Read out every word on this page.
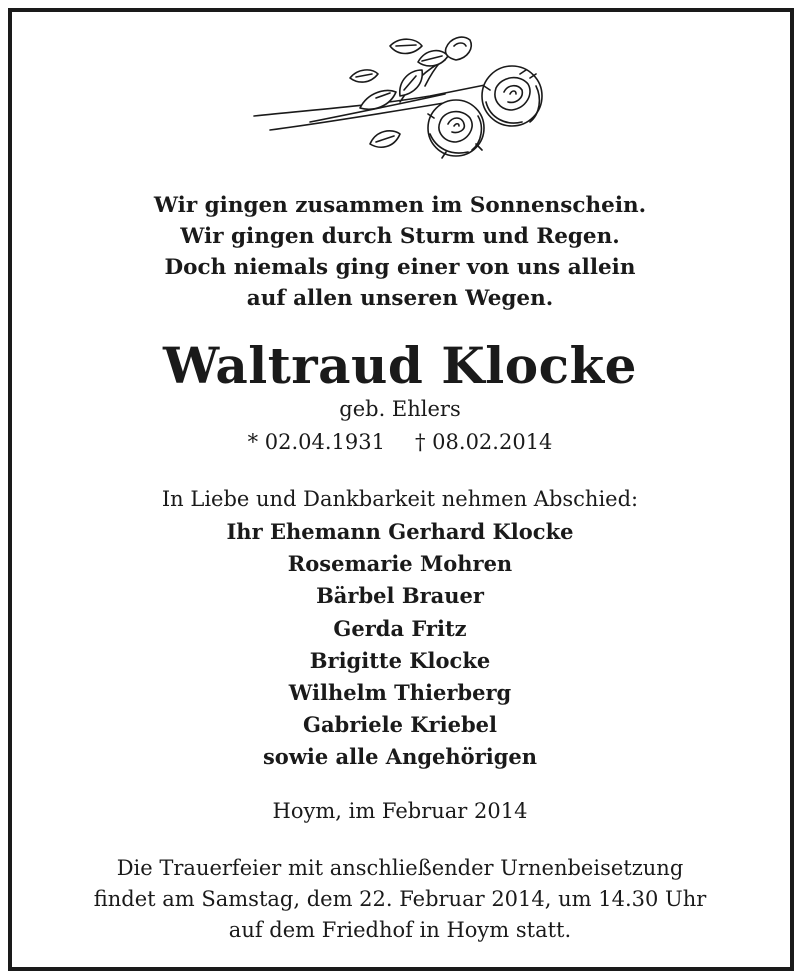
Wir gingen zusammen im Sonnenschein.
Wir gingen durch Sturm und Regen.
Doch niemals ging einer von uns allein
auf allen unseren Wegen.
Waltraud Klocke
geb. Ehlers
* 02.04.1931 † 08.02.2014
In Liebe und Dankbarkeit nehmen Abschied:
Ihr Ehemann Gerhard Klocke
Rosemarie Mohren
Bärbel Brauer
Gerda Fritz
Brigitte Klocke
Wilhelm Thierberg
Gabriele Kriebel
sowie alle Angehörigen
Hoym, im Februar 2014
Die Trauerfeier mit anschließender Urnenbeisetzung
findet am Samstag, dem 22. Februar 2014, um 14.30 Uhr
auf dem Friedhof in Hoym statt.
